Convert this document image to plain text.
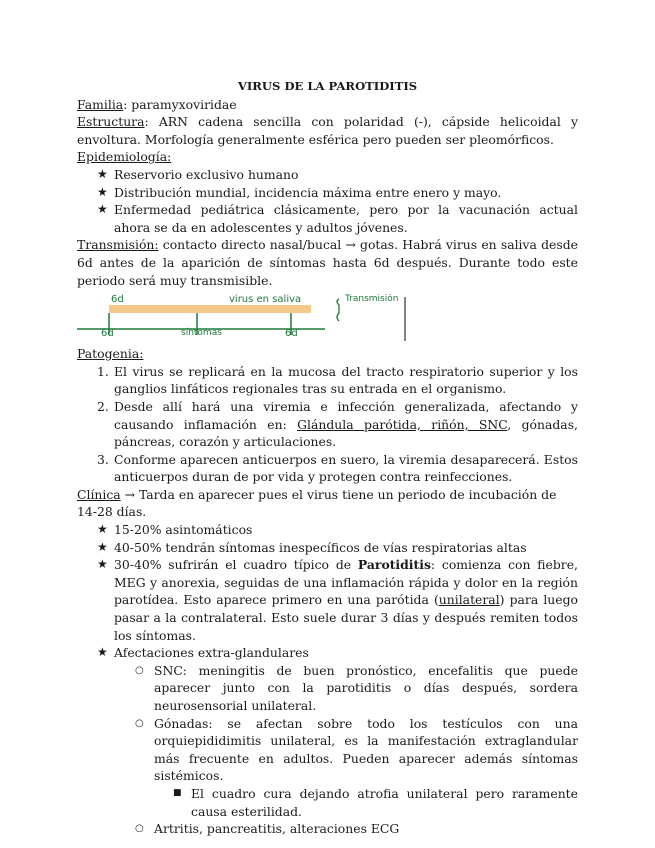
VIRUS DE LA PAROTIDITIS

Familia: paramyxoviridae

Estructura: ARN cadena sencilla con polaridad (-), cápside helicoidal y envoltura. Morfología generalmente esférica pero pueden ser pleomórficos.

Epidemiología:

★ Reservorio exclusivo humano
★ Distribución mundial, incidencia máxima entre enero y mayo.
★ Enfermedad pediátrica clásicamente, pero por la vacunación actual ahora se da en adolescentes y adultos jóvenes.

Transmisión: contacto directo nasal/bucal → gotas. Habrá virus en saliva desde 6d antes de la aparición de síntomas hasta 6d después. Durante todo este periodo será muy transmisible.

6d	virus en saliva	Transmisión
6d	síntomas	6d

Patogenia:

1. El virus se replicará en la mucosa del tracto respiratorio superior y los ganglios linfáticos regionales tras su entrada en el organismo.
2. Desde allí hará una viremia e infección generalizada, afectando y causando inflamación en: Glándula parótida, riñón, SNC, gónadas, páncreas, corazón y articulaciones.
3. Conforme aparecen anticuerpos en suero, la viremia desaparecerá. Estos anticuerpos duran de por vida y protegen contra reinfecciones.

Clínica → Tarda en aparecer pues el virus tiene un periodo de incubación de 14-28 días.

★ 15-20% asintomáticos
★ 40-50% tendrán síntomas inespecíficos de vías respiratorias altas
★ 30-40% sufrirán el cuadro típico de Parotiditis: comienza con fiebre, MEG y anorexia, seguidas de una inflamación rápida y dolor en la región parotídea. Esto aparece primero en una parótida (unilateral) para luego pasar a la contralateral. Esto suele durar 3 días y después remiten todos los síntomas.
★ Afectaciones extra-glandulares
○ SNC: meningitis de buen pronóstico, encefalitis que puede aparecer junto con la parotiditis o días después, sordera neurosensorial unilateral.
○ Gónadas: se afectan sobre todo los testículos con una orquiepididimitis unilateral, es la manifestación extraglandular más frecuente en adultos. Pueden aparecer además síntomas sistémicos.
■ El cuadro cura dejando atrofia unilateral pero raramente causa esterilidad.
○ Artritis, pancreatitis, alteraciones ECG
